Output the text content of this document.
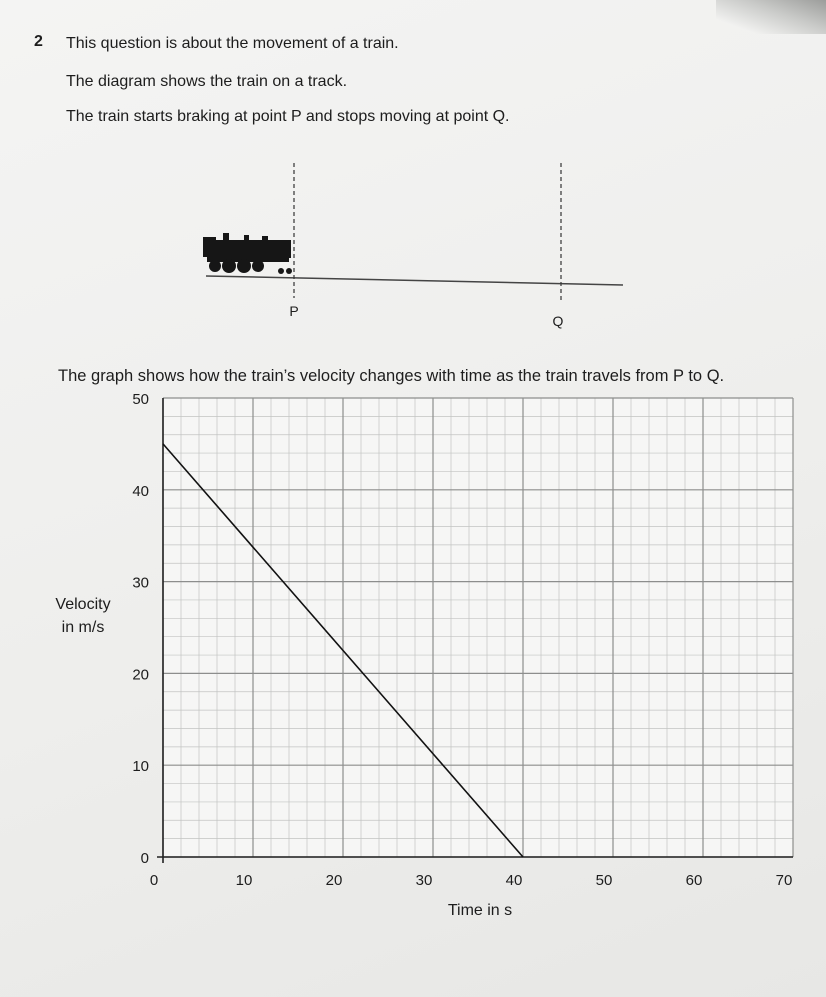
2 This question is about the movement of a train.
The diagram shows the train on a track.
The train starts braking at point P and stops moving at point Q.
P
Q
The graph shows how the train’s velocity changes with time as the train travels from P to Q.
0	10	20	30	40	50	60	70
0
10
20
30
40
50
Time in s
Velocity
in m/s
